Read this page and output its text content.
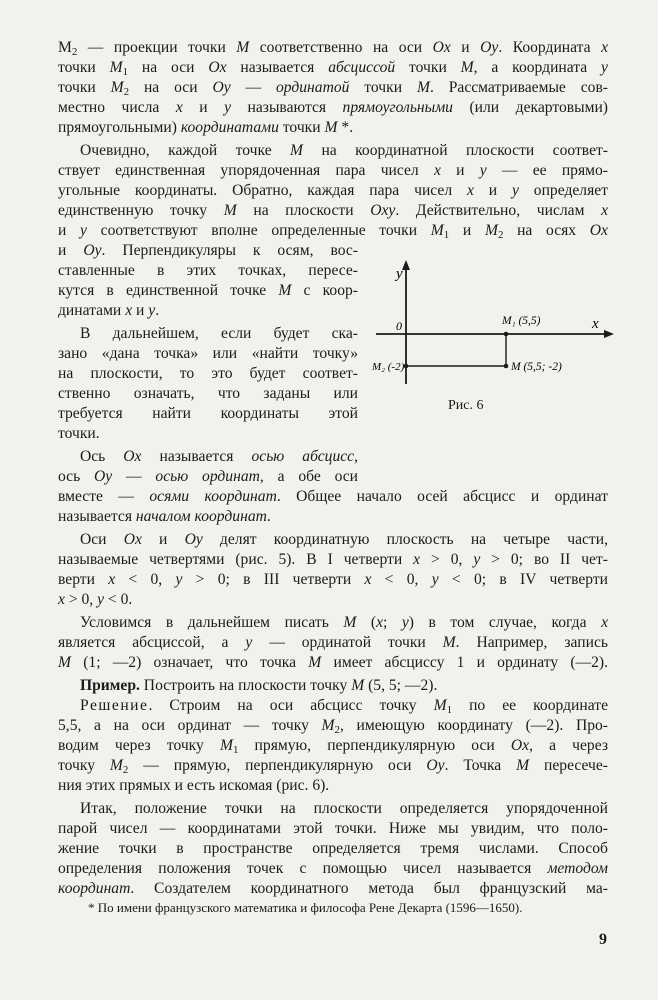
$M_2$ — проекции точки M соответственно на оси Ox и Oy. Координата x
точки $M_1$ на оси Ox называется абсциссой точки M, а координата y
точки $M_2$ на оси Oy — ординатой точки M. Рассматриваемые сов-
местно числа x и y называются прямоугольными (или декартовыми)
прямоугольными) координатами точки M *.
Очевидно, каждой точке M на координатной плоскости соответ-
ствует единственная упорядоченная пара чисел x и y — ее прямо-
угольные координаты. Обратно, каждая пара чисел x и y определяет
единственную точку M на плоскости Oxy. Действительно, числам x
и y соответствуют вполне определенные точки $M_1$ и $M_2$ на осях Ox
и Oy. Перпендикуляры к осям, вос-
ставленные в этих точках, пересе-
кутся в единственной точке M с коор-
динатами x и y.
В дальнейшем, если будет ска-
зано «дана точка» или «найти точку»
на плоскости, то это будет соответ-
ственно означать, что заданы или
требуется найти координаты этой
точки.
Ось Ox называется осью абсцисс,
ось Oy — осью ординат, а обе оси
вместе — осями координат. Общее начало осей абсцисс и ординат
называется началом координат.
Оси Ox и Oy делят координатную плоскость на четыре части,
называемые четвертями (рис. 5). В I четверти x > 0, y > 0; во II чет-
верти x < 0, y > 0; в III четверти x < 0, y < 0; в IV четверти
x > 0, y < 0.
Условимся в дальнейшем писать M (x; y) в том случае, когда x
является абсциссой, а y — ординатой точки M. Например, запись
M (1; —2) означает, что точка M имеет абсциссу 1 и ординату (—2).
Пример. Построить на плоскости точку M (5, 5; —2).
Решение. Строим на оси абсцисс точку $M_1$ по ее координате
5,5, а на оси ординат — точку $M_2$, имеющую координату (—2). Про-
водим через точку $M_1$ прямую, перпендикулярную оси Ox, а через
точку $M_2$ — прямую, перпендикулярную оси Oy. Точка M пересече-
ния этих прямых и есть искомая (рис. 6).
Итак, положение точки на плоскости определяется упорядоченной
парой чисел — координатами этой точки. Ниже мы увидим, что поло-
жение точки в пространстве определяется тремя числами. Способ
определения положения точек с помощью чисел называется методом
координат. Создателем координатного метода был французский ма-
* По имени французского математика и философа Рене Декарта (1596—1650).
9
y
x
0	M₁ (5,5)
M₂ (-2)	M (5,5; -2)
Рис. 6
